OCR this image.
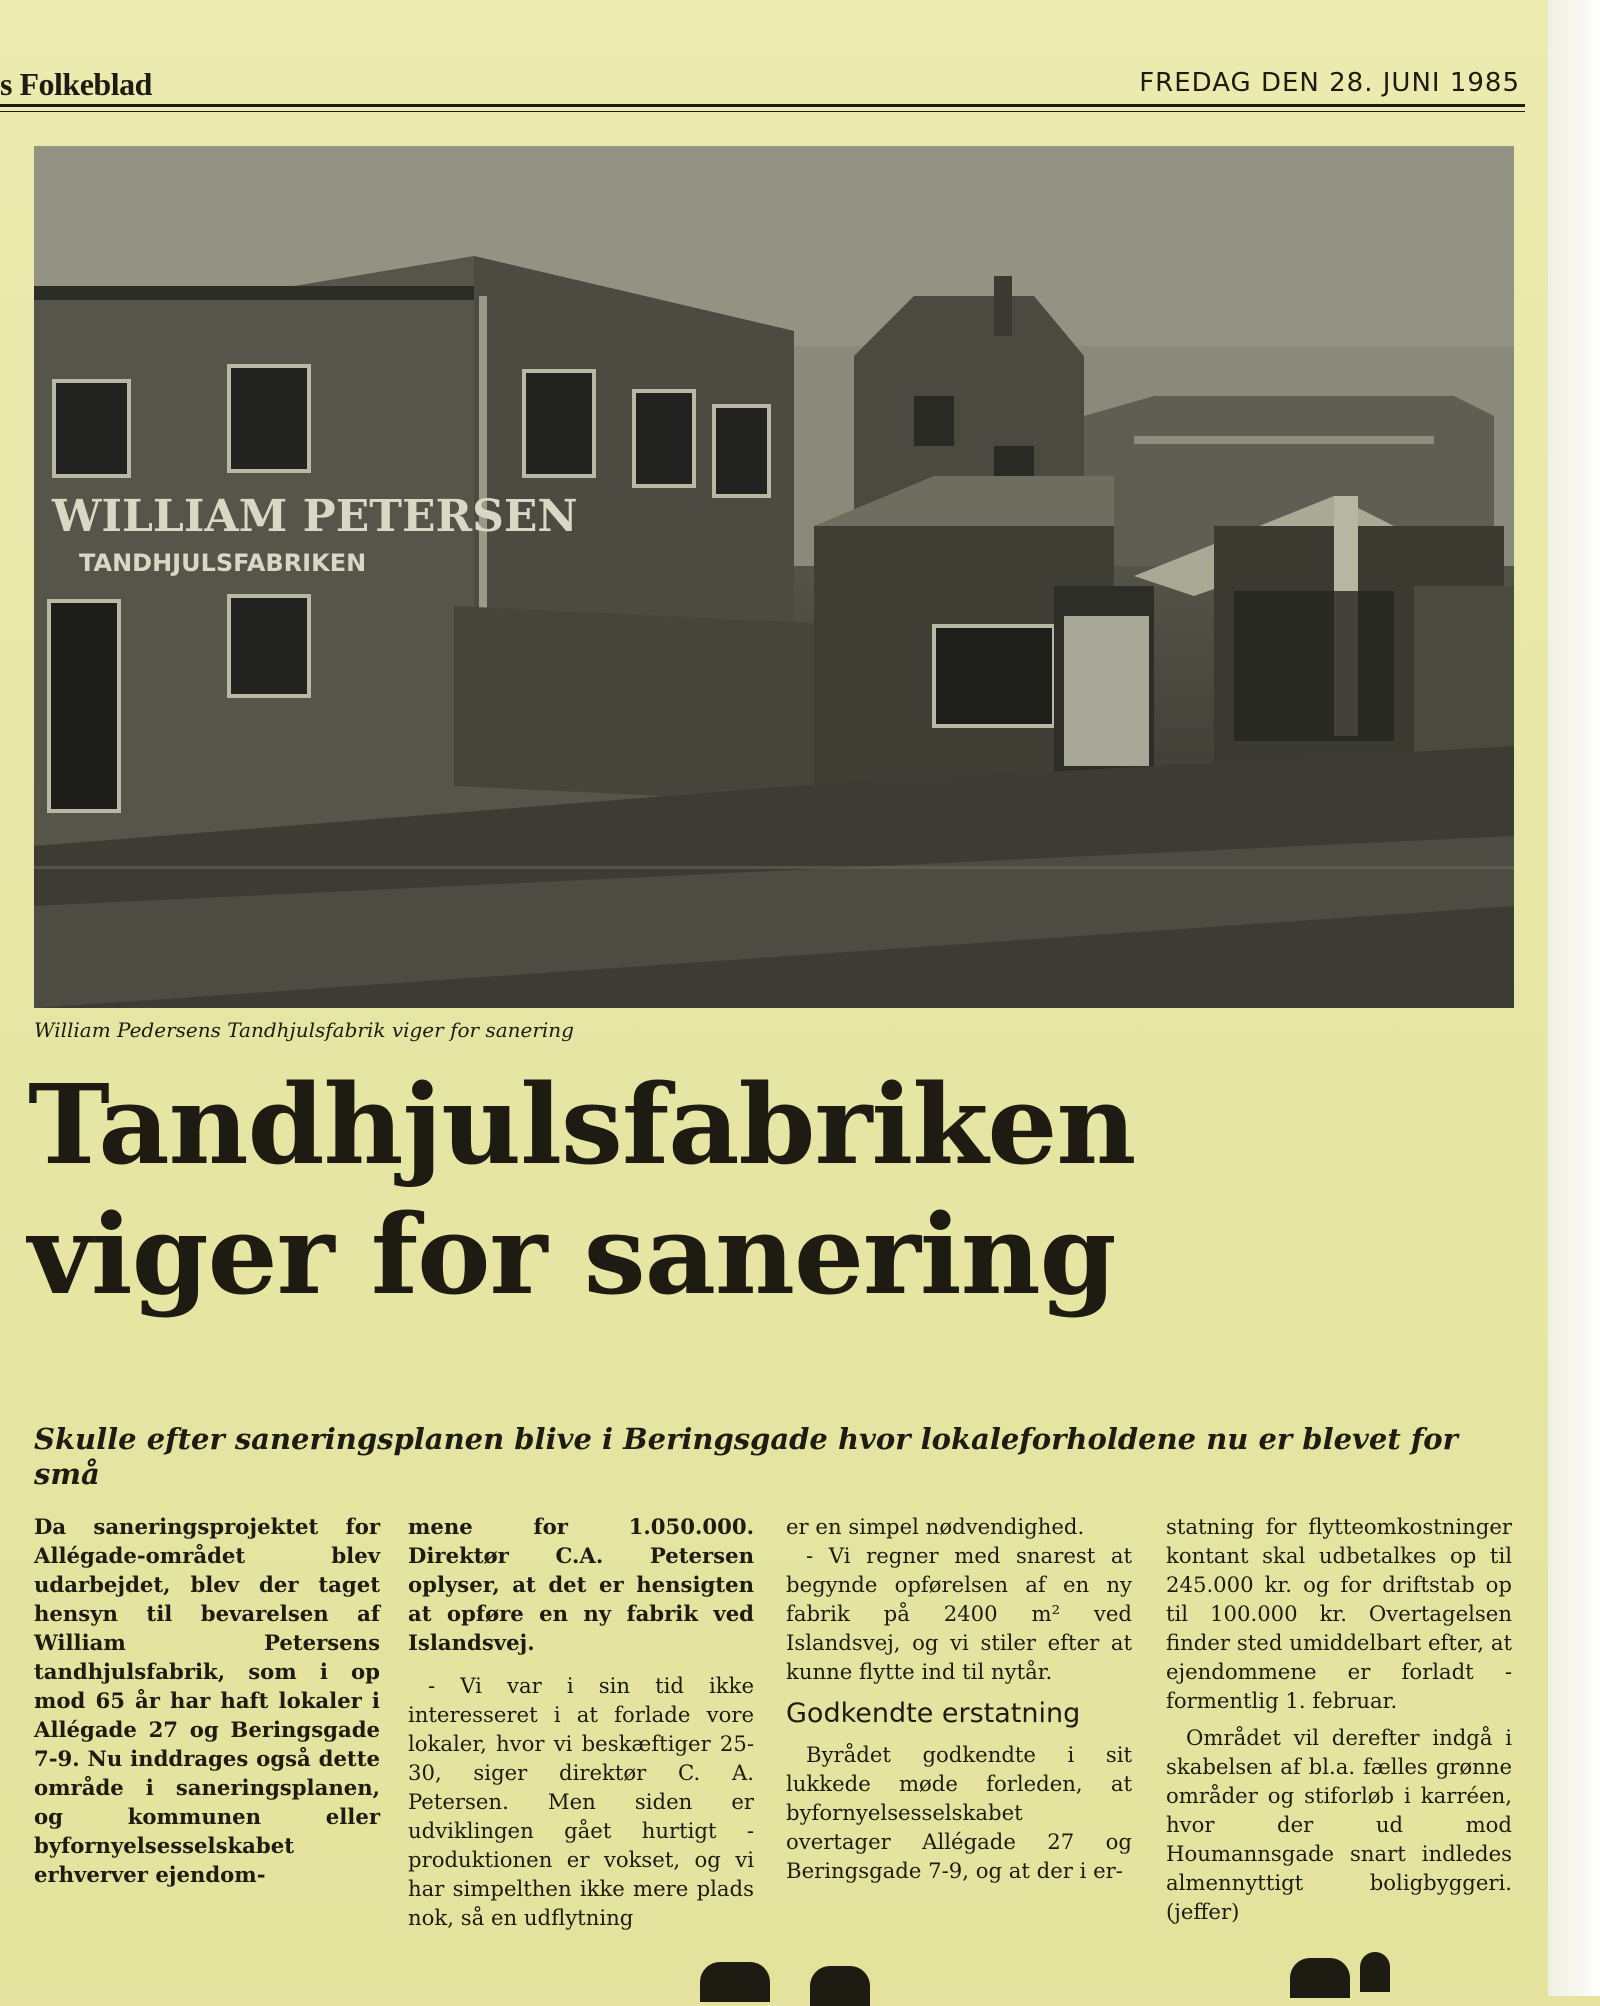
s Folkeblad	FREDAG DEN 28. JUNI 1985
WILLIAM PETERSEN
TANDHJULSFABRIKEN
William Pedersens Tandhjulsfabrik viger for sanering
Tandhjulsfabriken
viger for sanering

Skulle efter saneringsplanen blive i Beringsgade hvor lokaleforholdene nu er blevet for små

Da saneringsprojektet for Allégade-området blev udarbejdet, blev der taget hensyn til bevarelsen af William Petersens tandhjulsfabrik, som i op mod 65 år har haft lokaler i Allégade 27 og Beringsgade 7-9. Nu inddrages også dette område i saneringsplanen, og kommunen eller byfornyelsesselskabet erhverver ejendom-

mene for 1.050.000. Direktør C.A. Petersen oplyser, at det er hensigten at opføre en ny fabrik ved Islandsvej.

- Vi var i sin tid ikke interesseret i at forlade vore lokaler, hvor vi beskæftiger 25-30, siger direktør C. A. Petersen. Men siden er udviklingen gået hurtigt - produktionen er vokset, og vi har simpelthen ikke mere plads nok, så en udflytning

er en simpel nødvendighed.

- Vi regner med snarest at begynde opførelsen af en ny fabrik på 2400 m² ved Islandsvej, og vi stiler efter at kunne flytte ind til nytår.

Godkendte erstatning

Byrådet godkendte i sit lukkede møde forleden, at byfornyelsesselskabet overtager Allégade 27 og Beringsgade 7-9, og at der i er-

statning for flytteomkostninger kontant skal udbetalkes op til 245.000 kr. og for driftstab op til 100.000 kr. Overtagelsen finder sted umiddelbart efter, at ejendommene er forladt - formentlig 1. februar.

Området vil derefter indgå i skabelsen af bl.a. fælles grønne områder og stiforløb i karréen, hvor der ud mod Houmannsgade snart indledes almennyttigt boligbyggeri. (jeffer)
